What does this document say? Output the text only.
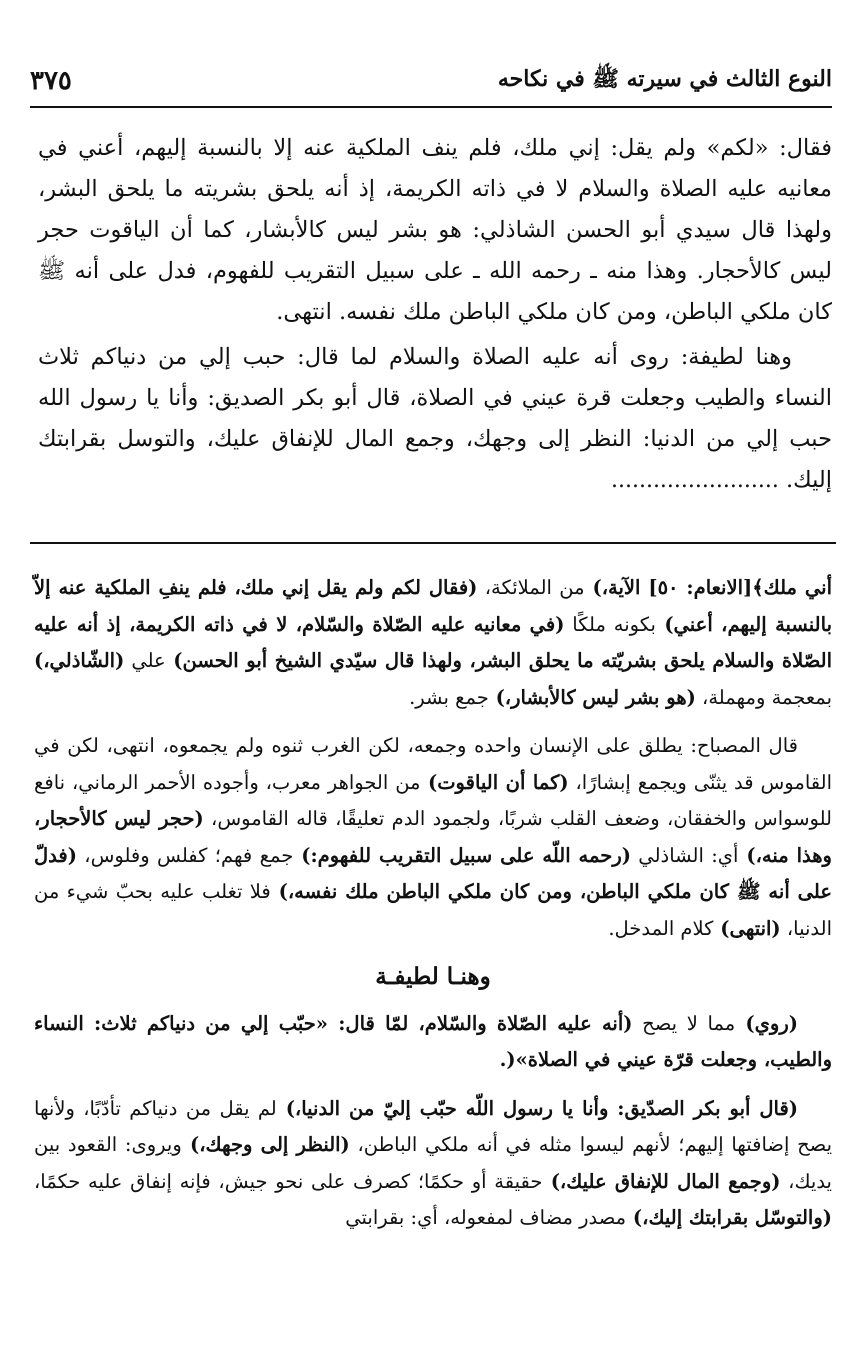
النوع الثالث في سيرته ﷺ في نكاحه
٣٧٥

فقال: «لكم» ولم يقل: إني ملك، فلم ينف الملكية عنه إلا بالنسبة إليهم، أعني في معانيه عليه الصلاة والسلام لا في ذاته الكريمة، إذ أنه يلحق بشريته ما يلحق البشر، ولهذا قال سيدي أبو الحسن الشاذلي: هو بشر ليس كالأبشار، كما أن الياقوت حجر ليس كالأحجار. وهذا منه ـ رحمه الله ـ على سبيل التقريب للفهوم، فدل على أنه ﷺ كان ملكي الباطن، ومن كان ملكي الباطن ملك نفسه. انتهى.

وهنا لطيفة: روى أنه عليه الصلاة والسلام لما قال: حبب إلي من دنياكم ثلاث النساء والطيب وجعلت قرة عيني في الصلاة، قال أبو بكر الصديق: وأنا يا رسول الله حبب إلي من الدنيا: النظر إلى وجهك، وجمع المال للإنفاق عليك، والتوسل بقرابتك إليك. ........................

أني ملك﴾[الانعام: ٥٠] الآية،) من الملائكة، (فقال لكم ولم يقل إني ملك، فلم ينفِ الملكية عنه إلاّ بالنسبة إليهم، أعني) بكونه ملكًا (في معانيه عليه الصّلاة والسّلام، لا في ذاته الكريمة، إذ أنه عليه الصّلاة والسلام يلحق بشريّته ما يحلق البشر، ولهذا قال سيّدي الشيخ أبو الحسن) علي (الشّاذلي،) بمعجمة ومهملة، (هو بشر ليس كالأبشار،) جمع بشر.

قال المصباح: يطلق على الإنسان واحده وجمعه، لكن الغرب ثنوه ولم يجمعوه، انتهى، لكن في القاموس قد يثنّى ويجمع إبشارًا، (كما أن الياقوت) من الجواهر معرب، وأجوده الأحمر الرماني، نافع للوسواس والخفقان، وضعف القلب شربًا، ولجمود الدم تعليقًا، قاله القاموس، (حجر ليس كالأحجار، وهذا منه،) أي: الشاذلي (رحمه اللّه على سبيل التقريب للفهوم:) جمع فهم؛ كفلس وفلوس، (فدلّ على أنه ﷺ كان ملكي الباطن، ومن كان ملكي الباطن ملك نفسه،) فلا تغلب عليه بحبّ شيء من الدنيا، (انتهى) كلام المدخل.

وهنـا لطيفـة

(روي) مما لا يصح (أنه عليه الصّلاة والسّلام، لمّا قال: «حبّب إلي من دنياكم ثلاث: النساء والطيب، وجعلت قرّة عيني في الصلاة»(.

(قال أبو بكر الصدّيق: وأنا يا رسول اللّه حبّب إليّ من الدنيا،) لم يقل من دنياكم تأدّبًا، ولأنها يصح إضافتها إليهم؛ لأنهم ليسوا مثله في أنه ملكي الباطن، (النظر إلى وجهك،) ويروى: القعود بين يديك، (وجمع المال للإنفاق عليك،) حقيقة أو حكمًا؛ كصرف على نحو جيش، فإنه إنفاق عليه حكمًا، (والتوسّل بقرابتك إليك،) مصدر مضاف لمفعوله، أي: بقرابتي
